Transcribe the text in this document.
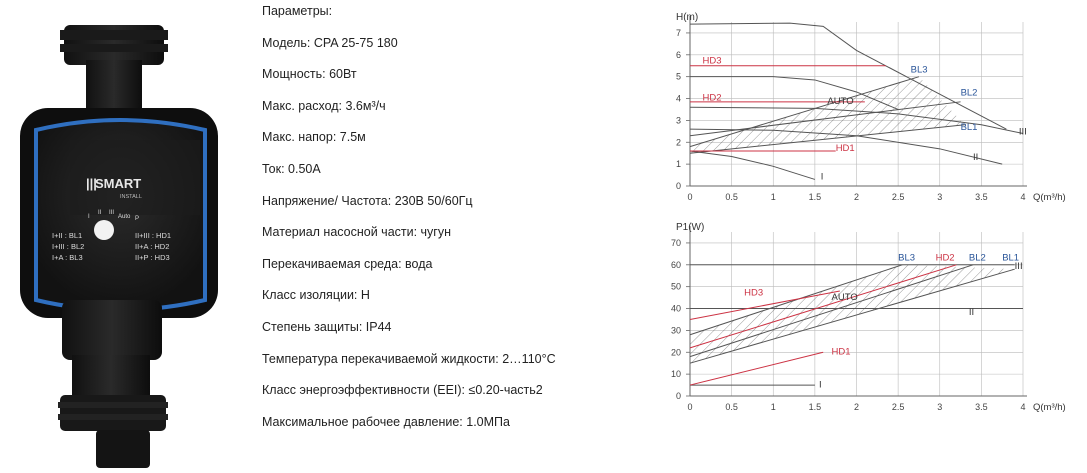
SMART
|||
INSTALL
I
II III
Auto P
I+II : BL1
I+III : BL2
I+A : BL3
II+III : HD1
II+A : HD2
II+P : HD3
Параметры:
Модель: CPA 25-75 180
Мощность: 60Вт
Макс. расход: 3.6м³/ч
Макс. напор: 7.5м
Ток: 0.50A
Напряжение/ Частота: 230В 50/60Гц
Материал насосной части: чугун
Перекачиваемая среда: вода
Класс изоляции: H
Степень защиты: IP44
Температура перекачиваемой жидкости: 2…110°C
Класс энергоэффективности (EEI): ≤0.20-часть2
Максимальное рабочее давление: 1.0МПа
0	0.5	1	1.5	2	2.5	3	3.5	4
0
1
2
3
4
5
6
7
H(m)
Q(m³/h)
HD3
HD2
HD1
BL3
BL2
BL1
AUTO
I
II
III
0	0.5	1	1.5	2	2.5	3	3.5	4
0
10
20
30
40
50
60
70
P1(W)
Q(m³/h)
BL3 HD2 BL2 BL1
HD3
HD1
AUTO
I
II
III
